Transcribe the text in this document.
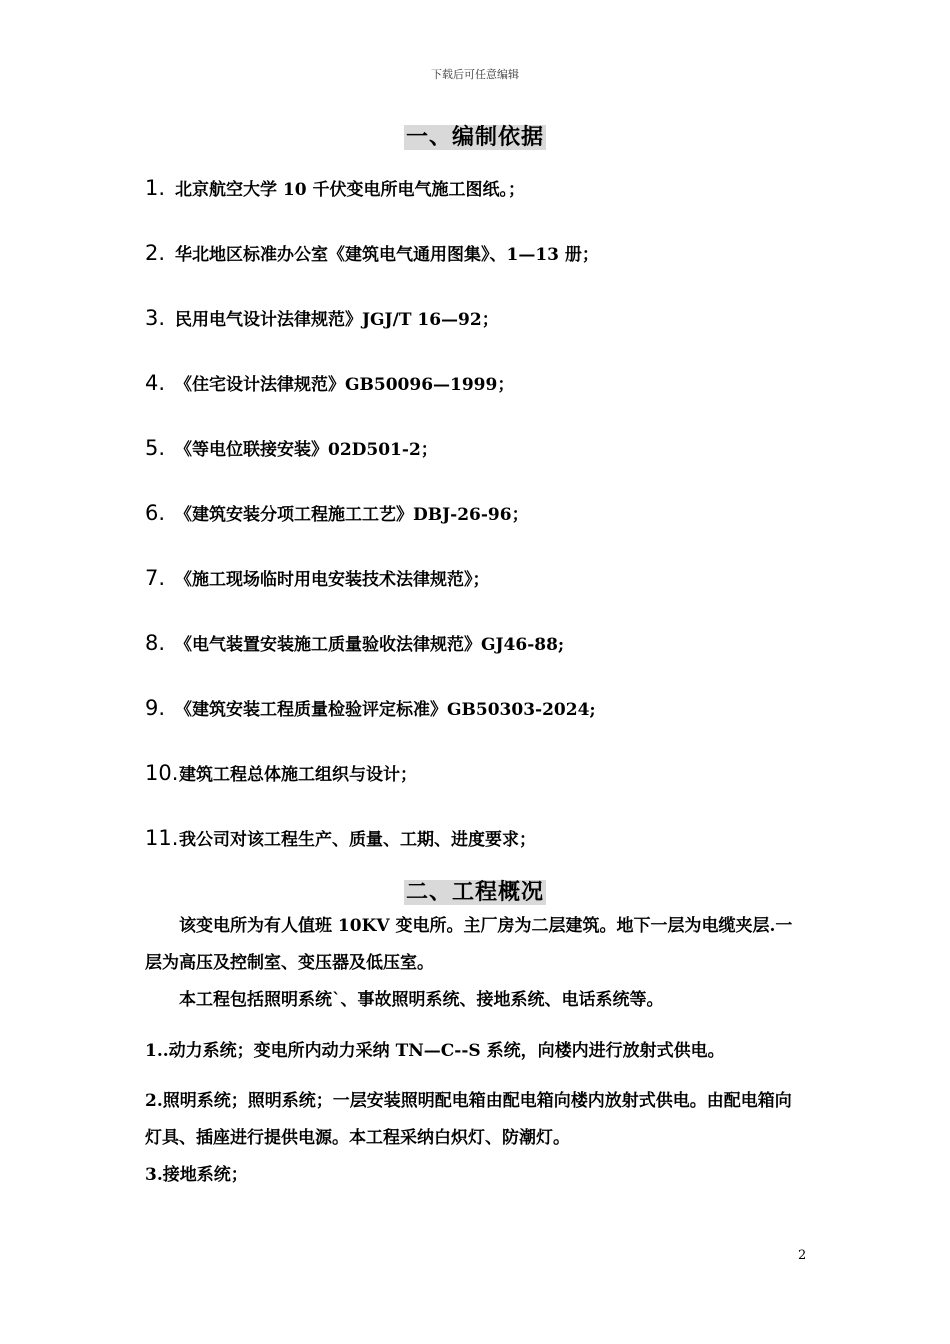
下载后可任意编辑
一、编制依据
1. 北京航空大学 10 千伏变电所电气施工图纸。；
2. 华北地区标准办公室《建筑电气通用图集》、1—13 册；
3. 民用电气设计法律规范》JGJ/T 16—92；
4. 《住宅设计法律规范》GB50096—1999；
5. 《等电位联接安装》02D501-2；
6. 《建筑安装分项工程施工工艺》DBJ-26-96；
7. 《施工现场临时用电安装技术法律规范》；
8. 《电气装置安装施工质量验收法律规范》GJ46-88;
9. 《建筑安装工程质量检验评定标准》GB50303-2024;
10.建筑工程总体施工组织与设计；
11.我公司对该工程生产、质量、工期、进度要求；
二、工程概况
该变电所为有人值班 10KV 变电所。主厂房为二层建筑。地下一层为电缆夹层.一层为高压及控制室、变压器及低压室。
本工程包括照明系统`、事故照明系统、接地系统、电话系统等。
1..动力系统；变电所内动力采纳 TN—C--S 系统，向楼内进行放射式供电。
2.照明系统；照明系统；一层安装照明配电箱由配电箱向楼内放射式供电。由配电箱向灯具、插座进行提供电源。本工程采纳白炽灯、防潮灯。
3.接地系统；
2
